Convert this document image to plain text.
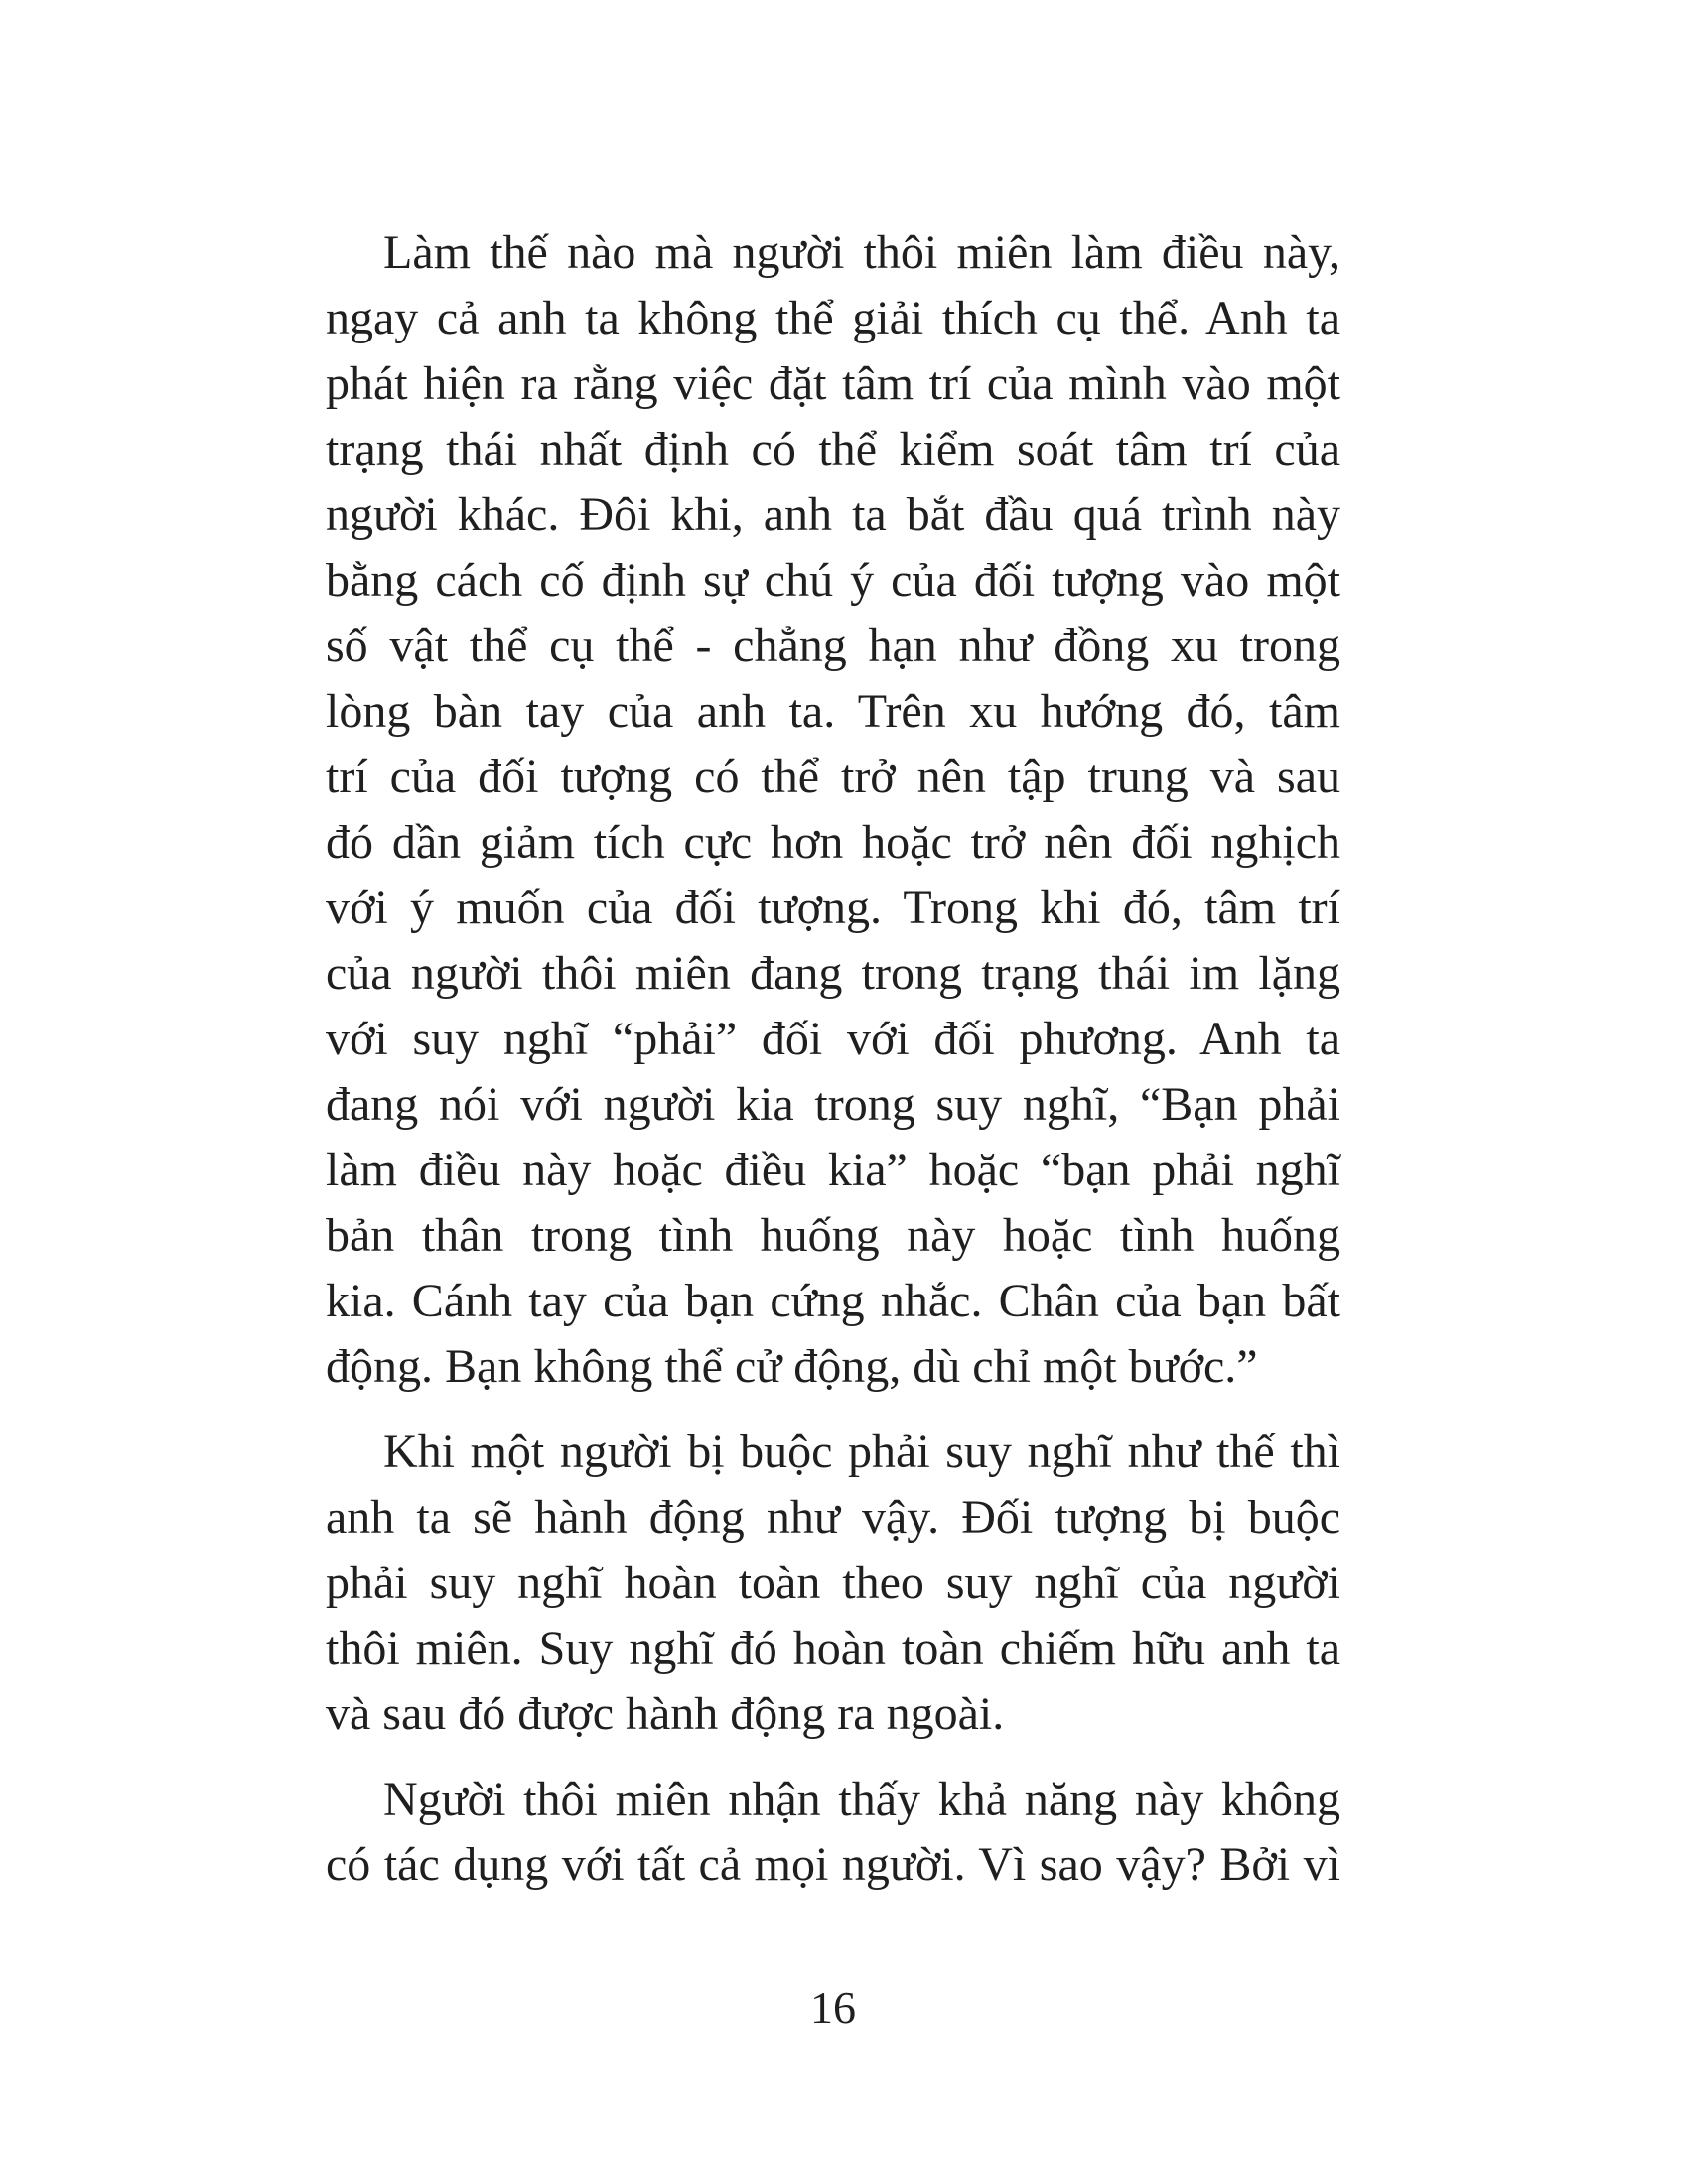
Làm thế nào mà người thôi miên làm điều này,
ngay cả anh ta không thể giải thích cụ thể. Anh ta
phát hiện ra rằng việc đặt tâm trí của mình vào một
trạng thái nhất định có thể kiểm soát tâm trí của
người khác. Đôi khi, anh ta bắt đầu quá trình này
bằng cách cố định sự chú ý của đối tượng vào một
số vật thể cụ thể - chẳng hạn như đồng xu trong
lòng bàn tay của anh ta. Trên xu hướng đó, tâm
trí của đối tượng có thể trở nên tập trung và sau
đó dần giảm tích cực hơn hoặc trở nên đối nghịch
với ý muốn của đối tượng. Trong khi đó, tâm trí
của người thôi miên đang trong trạng thái im lặng
với suy nghĩ “phải” đối với đối phương. Anh ta
đang nói với người kia trong suy nghĩ, “Bạn phải
làm điều này hoặc điều kia” hoặc “bạn phải nghĩ
bản thân trong tình huống này hoặc tình huống
kia. Cánh tay của bạn cứng nhắc. Chân của bạn bất
động. Bạn không thể cử động, dù chỉ một bước.”
Khi một người bị buộc phải suy nghĩ như thế thì
anh ta sẽ hành động như vậy. Đối tượng bị buộc
phải suy nghĩ hoàn toàn theo suy nghĩ của người
thôi miên. Suy nghĩ đó hoàn toàn chiếm hữu anh ta
và sau đó được hành động ra ngoài.
Người thôi miên nhận thấy khả năng này không
có tác dụng với tất cả mọi người. Vì sao vậy? Bởi vì
16
